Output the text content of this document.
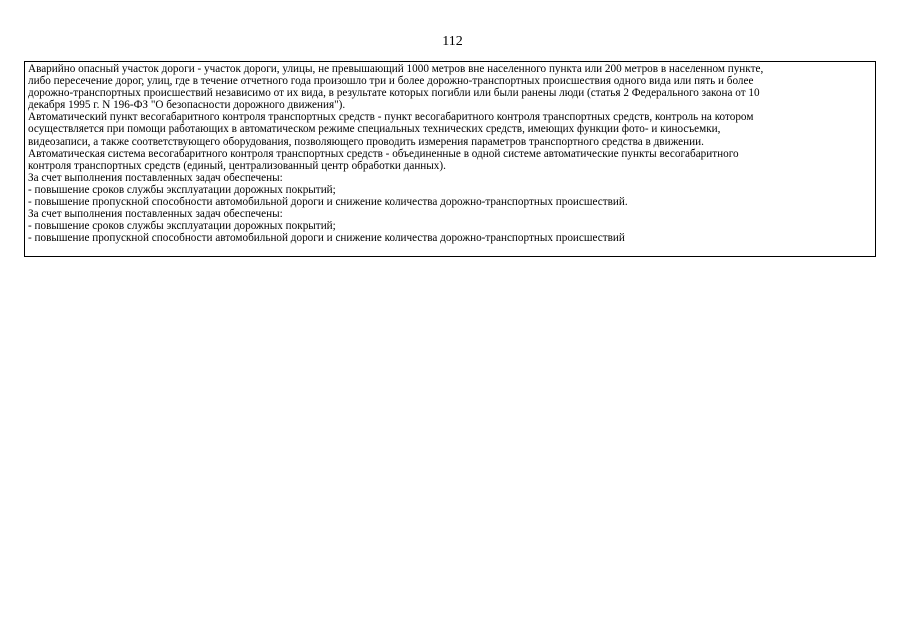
112
Аварийно опасный участок дороги - участок дороги, улицы, не превышающий 1000 метров вне населенного пункта или 200 метров в населенном пункте,
либо пересечение дорог, улиц, где в течение отчетного года произошло три и более дорожно-транспортных происшествия одного вида или пять и более
дорожно-транспортных происшествий независимо от их вида, в результате которых погибли или были ранены люди (статья 2 Федерального закона от 10
декабря 1995 г. N 196-ФЗ "О безопасности дорожного движения").
Автоматический пункт весогабаритного контроля транспортных средств - пункт весогабаритного контроля транспортных средств, контроль на котором
осуществляется при помощи работающих в автоматическом режиме специальных технических средств, имеющих функции фото- и киносъемки,
видеозаписи, а также соответствующего оборудования, позволяющего проводить измерения параметров транспортного средства в движении.
Автоматическая система весогабаритного контроля транспортных средств - объединенные в одной системе автоматические пункты весогабаритного
контроля транспортных средств (единый, централизованный центр обработки данных).
За счет выполнения поставленных задач обеспечены:
- повышение сроков службы эксплуатации дорожных покрытий;
- повышение пропускной способности автомобильной дороги и снижение количества дорожно-транспортных происшествий.
За счет выполнения поставленных задач обеспечены:
- повышение сроков службы эксплуатации дорожных покрытий;
- повышение пропускной способности автомобильной дороги и снижение количества дорожно-транспортных происшествий
